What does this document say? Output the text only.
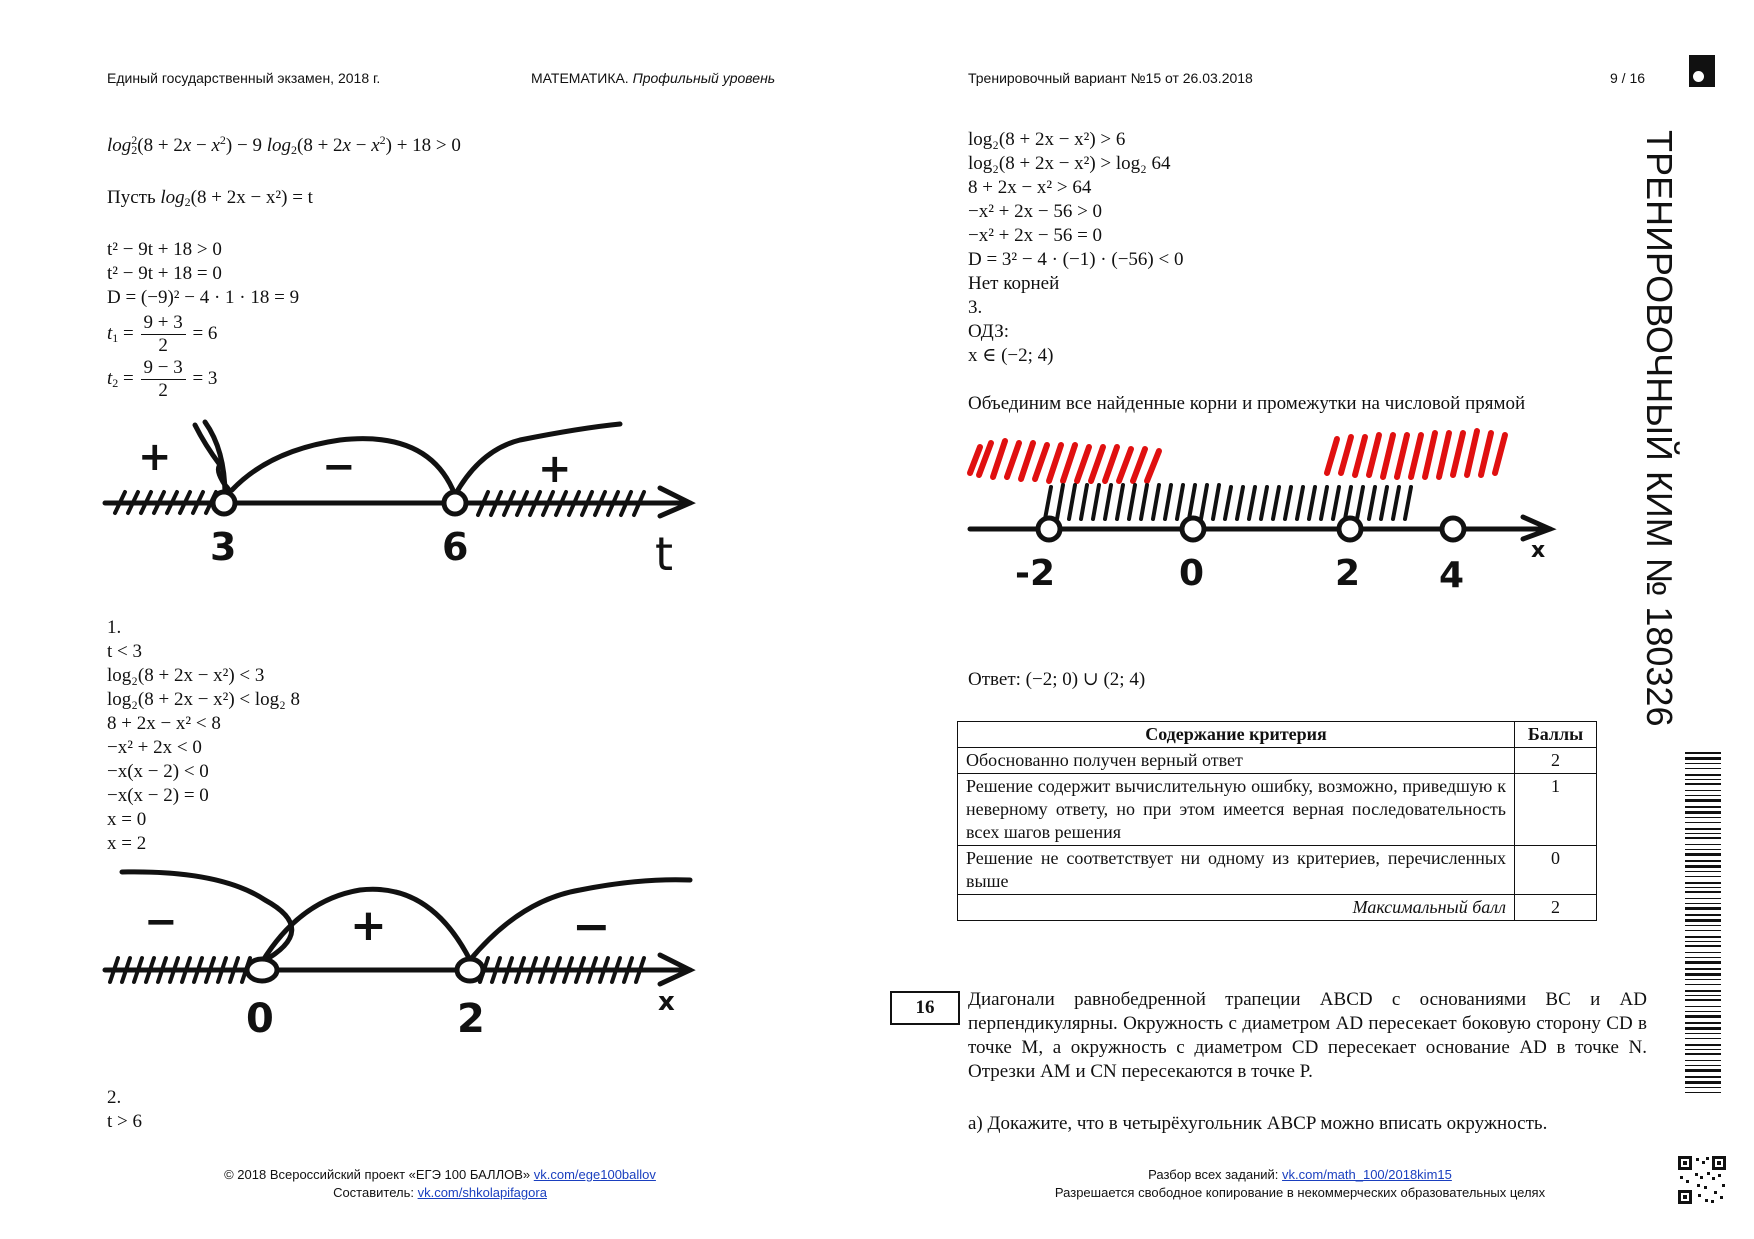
Единый государственный экзамен, 2018 г.	МАТЕМАТИКА. Профильный уровень	Тренировочный вариант №15 от 26.03.2018	9 / 16
ТРЕНИРОВОЧНЫЙ КИМ № 180326
$\log^2_2(8 + 2x - x^2) - 9$ $\log_2(8 + 2x - x^2) + 18 > 0$
Пусть $\log_2(8 + 2x - x^2) = t$
t² − 9t + 18 > 0
t² − 9t + 18 = 0
D = (−9)² − 4 · 1 · 18 = 9
$t_1 = \frac{9 + 3}{2} = 6$
$t_2 = \frac{9 - 3}{2} = 3$
+	−	+
3	6	t
1.
t < 3
log₂(8 + 2x − x²) < 3
log₂(8 + 2x − x²) < log₂ 8
8 + 2x − x² < 8
−x² + 2x < 0
−x(x − 2) < 0
−x(x − 2) = 0
x = 0
x = 2
−	+	−
0	2	x
2.
t > 6
log₂(8 + 2x − x²) > 6
log₂(8 + 2x − x²) > log₂ 64
8 + 2x − x² > 64
−x² + 2x − 56 > 0
−x² + 2x − 56 = 0
D = 3² − 4 · (−1) · (−56) < 0
Нет корней
3.
ОДЗ:
x ∈ (−2; 4)
Объединим все найденные корни и промежутки на числовой прямой
-2	0	2 4
x
Ответ: (−2; 0) ∪ (2; 4)
Содержание критерия	Баллы
Обоснованно получен верный ответ	2
Решение содержит вычислительную ошибку, возможно, приведшую к неверному ответу, но при этом имеется верная последовательность всех шагов решения	1
Решение не соответствует ни одному из критериев, перечисленных выше	0
Максимальный балл	2
16	Диагонали равнобедренной трапеции ABCD с основаниями BC и AD перпендикулярны. Окружность с диаметром AD пересекает боковую сторону CD в точке M, а окружность с диаметром CD пересекает основание AD в точке N. Отрезки AM и CN пересекаются в точке P.
а) Докажите, что в четырёхугольник ABCP можно вписать окружность.
© 2018 Всероссийский проект «ЕГЭ 100 БАЛЛОВ» vk.com/ege100ballov
Составитель: vk.com/shkolapifagora
Разбор всех заданий: vk.com/math_100/2018kim15
Разрешается свободное копирование в некоммерческих образовательных целях
